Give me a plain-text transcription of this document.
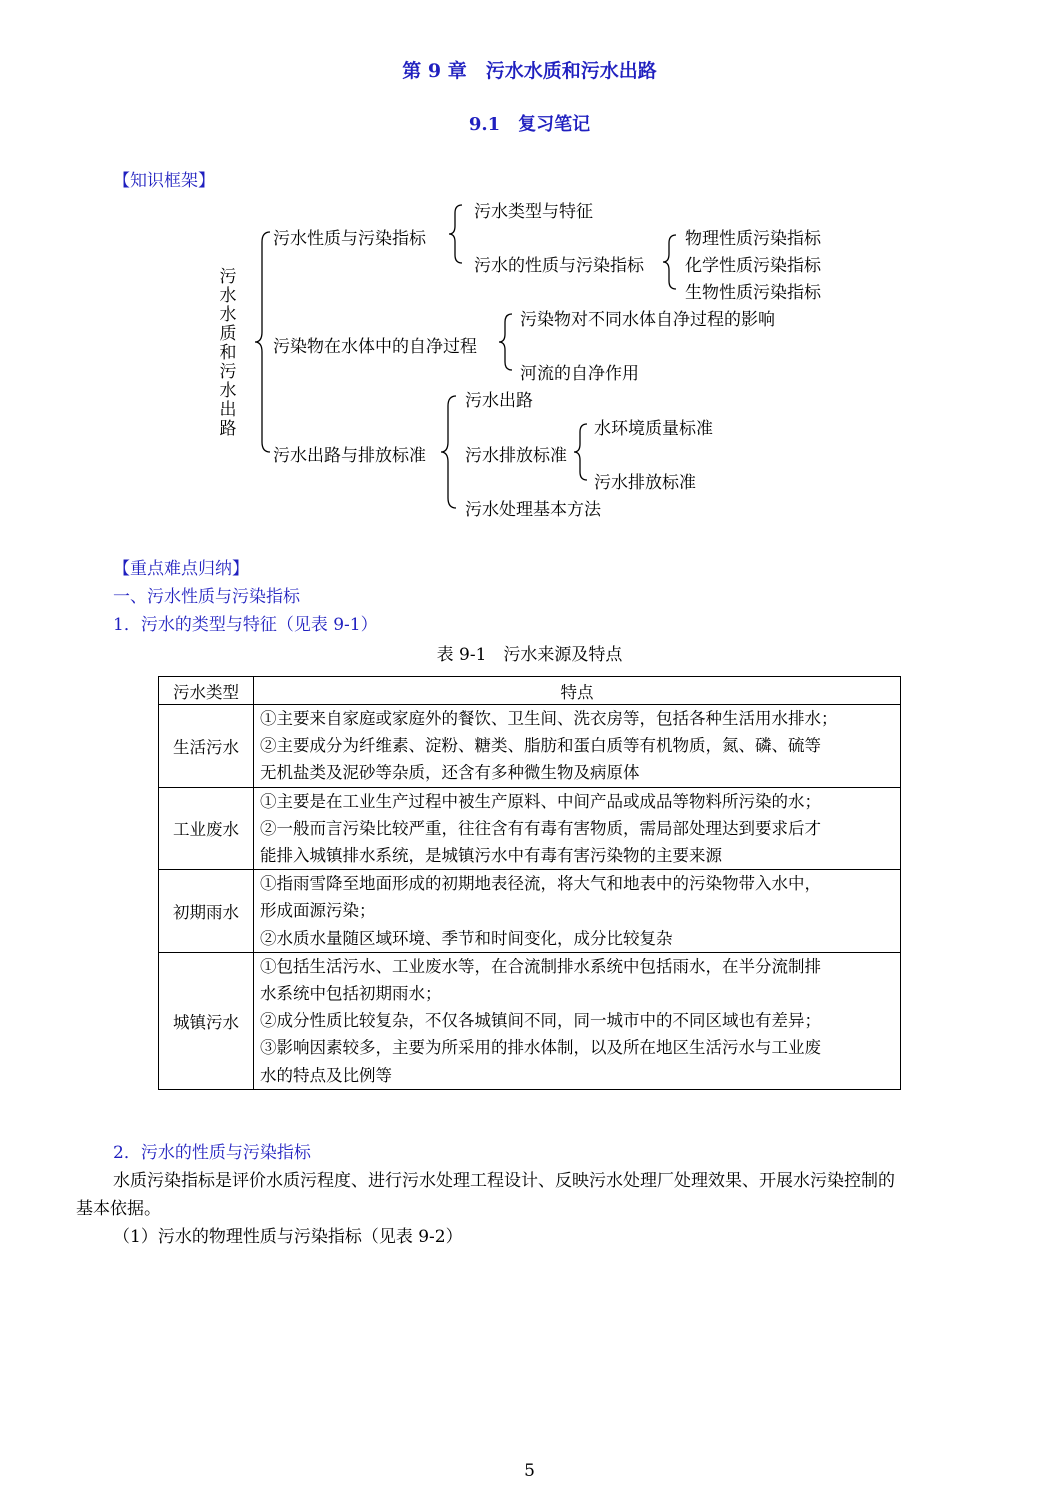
第 9 章　污水水质和污水出路
9.1　复习笔记
【知识框架】
污水水质和污水出路
污水性质与污染指标
污水类型与特征
污水的性质与污染指标
物理性质污染指标
化学性质污染指标
生物性质污染指标
污染物在水体中的自净过程
污染物对不同水体自净过程的影响
河流的自净作用
污水出路与排放标准
污水出路
污水排放标准
水环境质量标准
污水排放标准
污水处理基本方法
【重点难点归纳】
一、污水性质与污染指标
1．污水的类型与特征（见表 9-1）
表 9-1　污水来源及特点
污水类型	特点
生活污水	①主要来自家庭或家庭外的餐饮、卫生间、洗衣房等，包括各种生活用水排水；
②主要成分为纤维素、淀粉、糖类、脂肪和蛋白质等有机物质，氮、磷、硫等
无机盐类及泥砂等杂质，还含有多种微生物及病原体

工业废水	①主要是在工业生产过程中被生产原料、中间产品或成品等物料所污染的水；
②一般而言污染比较严重，往往含有有毒有害物质，需局部处理达到要求后才
能排入城镇排水系统，是城镇污水中有毒有害污染物的主要来源

初期雨水	①指雨雪降至地面形成的初期地表径流，将大气和地表中的污染物带入水中，
形成面源污染；
②水质水量随区域环境、季节和时间变化，成分比较复杂

城镇污水	①包括生活污水、工业废水等，在合流制排水系统中包括雨水，在半分流制排
水系统中包括初期雨水；
②成分性质比较复杂，不仅各城镇间不同，同一城市中的不同区域也有差异；
③影响因素较多，主要为所采用的排水体制，以及所在地区生活污水与工业废
水的特点及比例等
2．污水的性质与污染指标
水质污染指标是评价水质污程度、进行污水处理工程设计、反映污水处理厂处理效果、开展水污染控制的
基本依据。
（1）污水的物理性质与污染指标（见表 9-2）
5
